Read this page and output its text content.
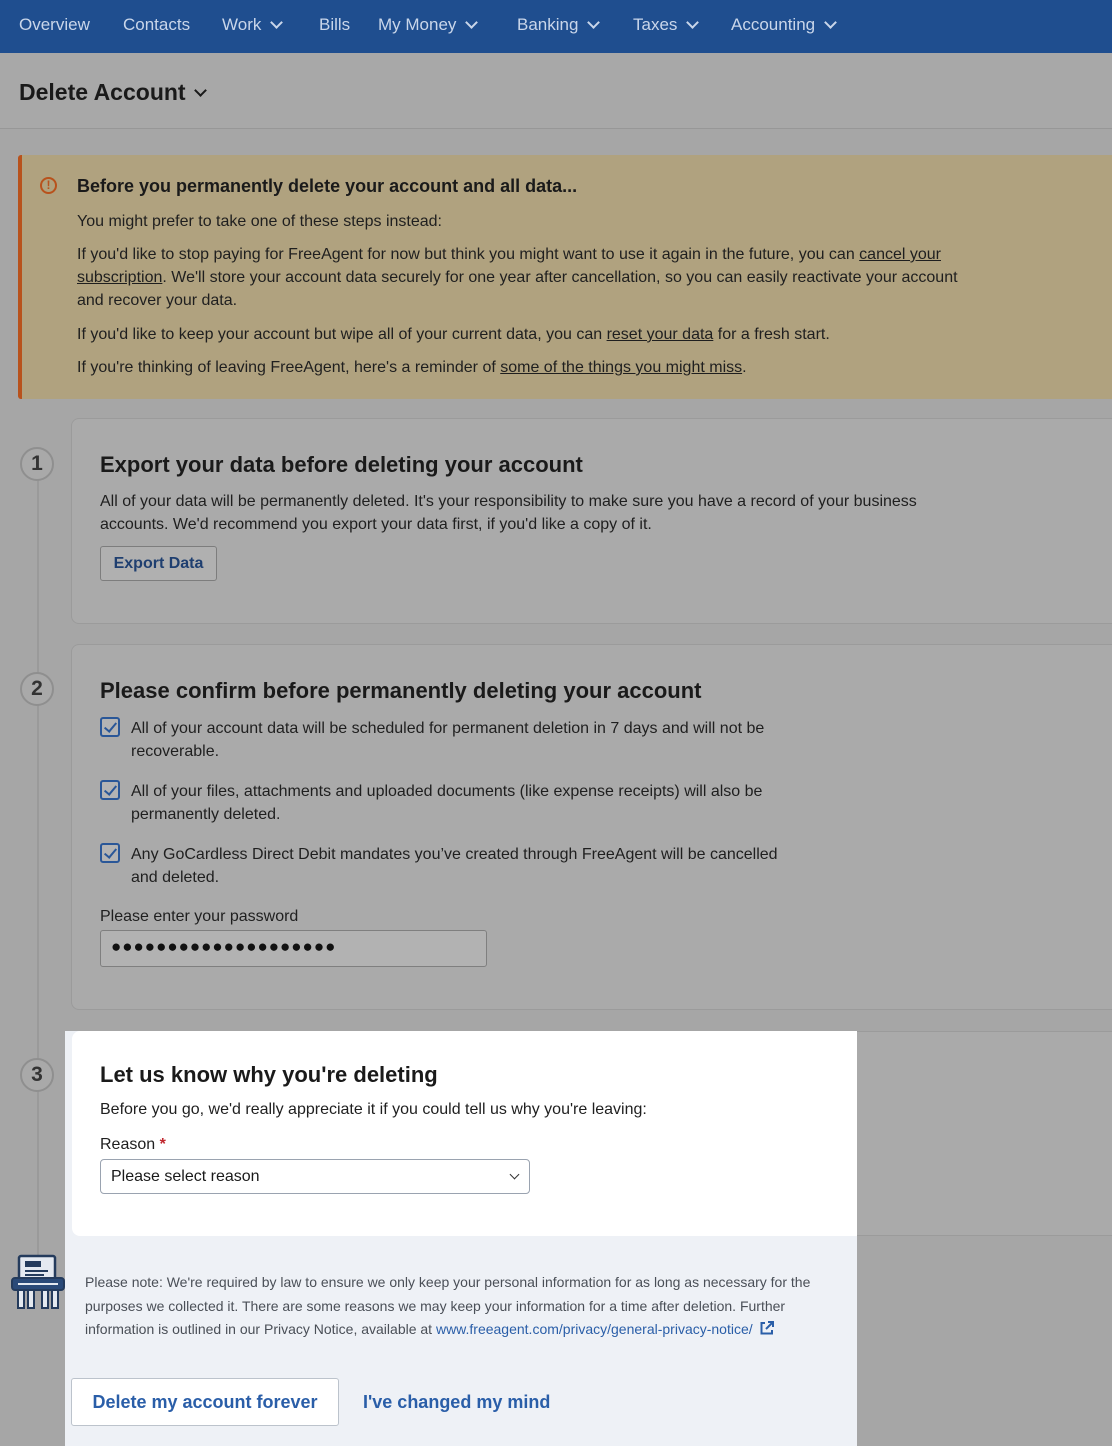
Overview Contacts Work	Bills My Money	Banking	Taxes	Accounting
Delete Account
!	Before you permanently delete your account and all data...

You might prefer to take one of these steps instead:

If you'd like to stop paying for FreeAgent for now but think you might want to use it again in the future, you can cancel your subscription. We'll store your account data securely for one year after cancellation, so you can easily reactivate your account and recover your data.

If you'd like to keep your account but wipe all of your current data, you can reset your data for a fresh start.

If you're thinking of leaving FreeAgent, here's a reminder of some of the things you might miss.

1	Export your data before deleting your account

All of your data will be permanently deleted. It's your responsibility to make sure you have a record of your business accounts. We'd recommend you export your data first, if you'd like a copy of it.

Export Data
2	Please confirm before permanently deleting your account
All of your account data will be scheduled for permanent deletion in 7 days and will not be recoverable.
All of your files, attachments and uploaded documents (like expense receipts) will also be permanently deleted.
Any GoCardless Direct Debit mandates you’ve created through FreeAgent will be cancelled and deleted.
Please enter your password
●●●●●●●●●●●●●●●●●●●●
3	Let us know why you're deleting
Before you go, we'd really appreciate it if you could tell us why you're leaving:
Reason *
Please select reason
Please note: We're required by law to ensure we only keep your personal information for as long as necessary for the purposes we collected it. There are some reasons we may keep your information for a time after deletion. Further information is outlined in our Privacy Notice, available at www.freeagent.com/privacy/general-privacy-notice/
Delete my account forever	I've changed my mind
